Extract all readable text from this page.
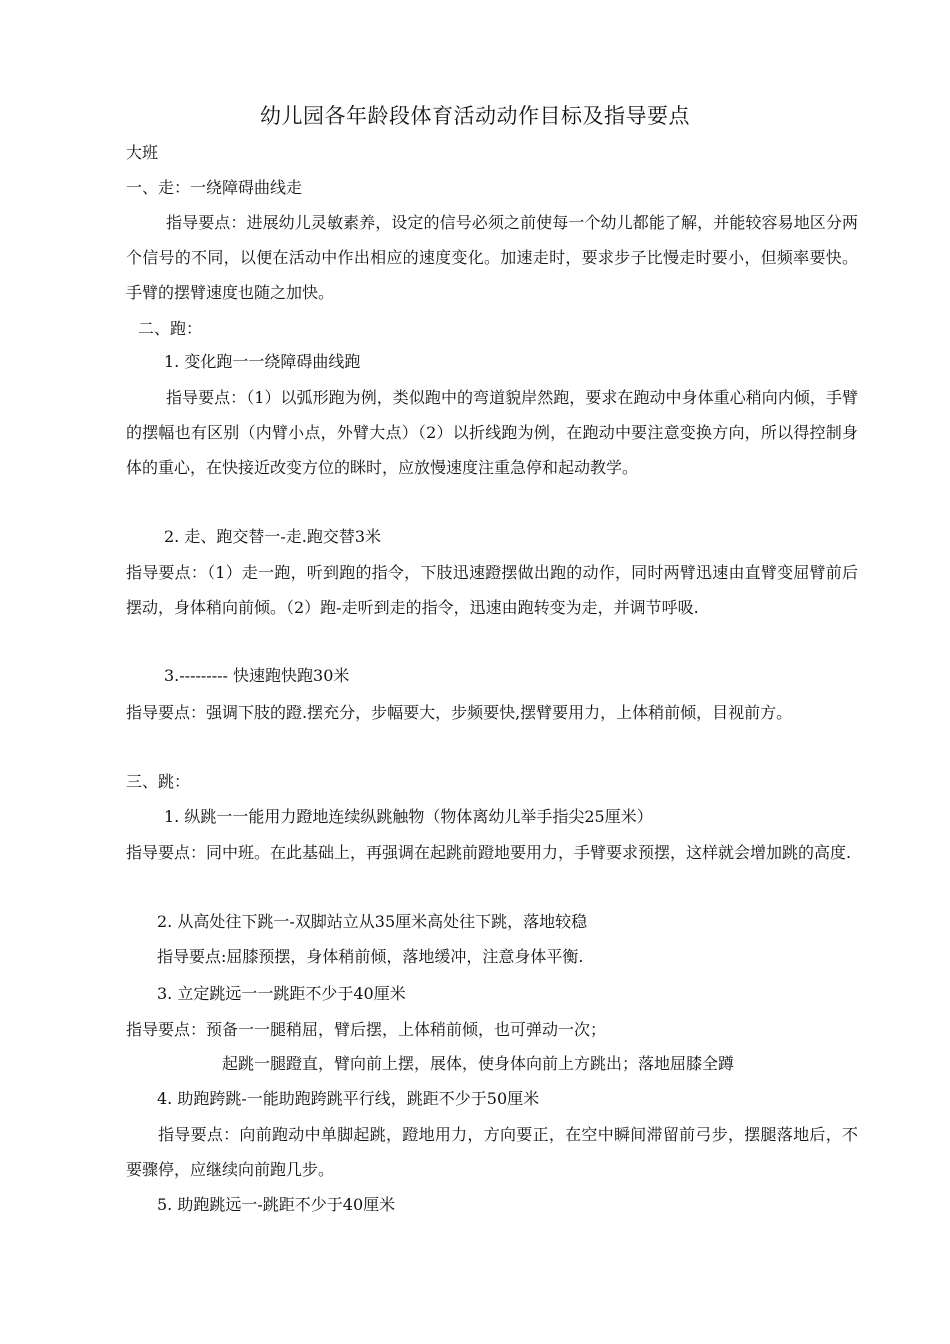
幼儿园各年龄段体育活动动作目标及指导要点
大班
一、走：一绕障碍曲线走
指导要点：进展幼儿灵敏素养，设定的信号必须之前使每一个幼儿都能了解，并能较容易地区分两个信号的不同，以便在活动中作出相应的速度变化。加速走时，要求步子比慢走时要小，但频率要快。手臂的摆臂速度也随之加快。
二、跑：
1. 变化跑一一绕障碍曲线跑
指导要点：（1）以弧形跑为例，类似跑中的弯道貌岸然跑，要求在跑动中身体重心稍向内倾，手臂的摆幅也有区别（内臂小点，外臂大点）（2）以折线跑为例，在跑动中要注意变换方向，所以得控制身体的重心，在快接近改变方位的眯时，应放慢速度注重急停和起动教学。
2. 走、跑交替一-走.跑交替3米
指导要点：（1）走一跑，听到跑的指令，下肢迅速蹬摆做出跑的动作，同时两臂迅速由直臂变屈臂前后摆动，身体稍向前倾。（2）跑-走听到走的指令，迅速由跑转变为走，并调节呼吸.
3.--------- 快速跑快跑30米
指导要点：强调下肢的蹬.摆充分，步幅要大，步频要快,摆臂要用力，上体稍前倾，目视前方。
三、跳：
1. 纵跳一一能用力蹬地连续纵跳触物（物体离幼儿举手指尖25厘米）
指导要点：同中班。在此基础上，再强调在起跳前蹬地要用力，手臂要求预摆，这样就会增加跳的高度.
2. 从高处往下跳一-双脚站立从35厘米高处往下跳，落地较稳
指导要点:屈膝预摆，身体稍前倾，落地缓冲，注意身体平衡.
3. 立定跳远一一跳距不少于40厘米
指导要点：预备一一腿稍屈，臂后摆，上体稍前倾，也可弹动一次；
起跳一腿蹬直，臂向前上摆，展体，使身体向前上方跳出；落地屈膝全蹲
4. 助跑跨跳-一能助跑跨跳平行线，跳距不少于50厘米
指导要点：向前跑动中单脚起跳，蹬地用力，方向要正，在空中瞬间滞留前弓步，摆腿落地后，不要骤停，应继续向前跑几步。
5. 助跑跳远一-跳距不少于40厘米
